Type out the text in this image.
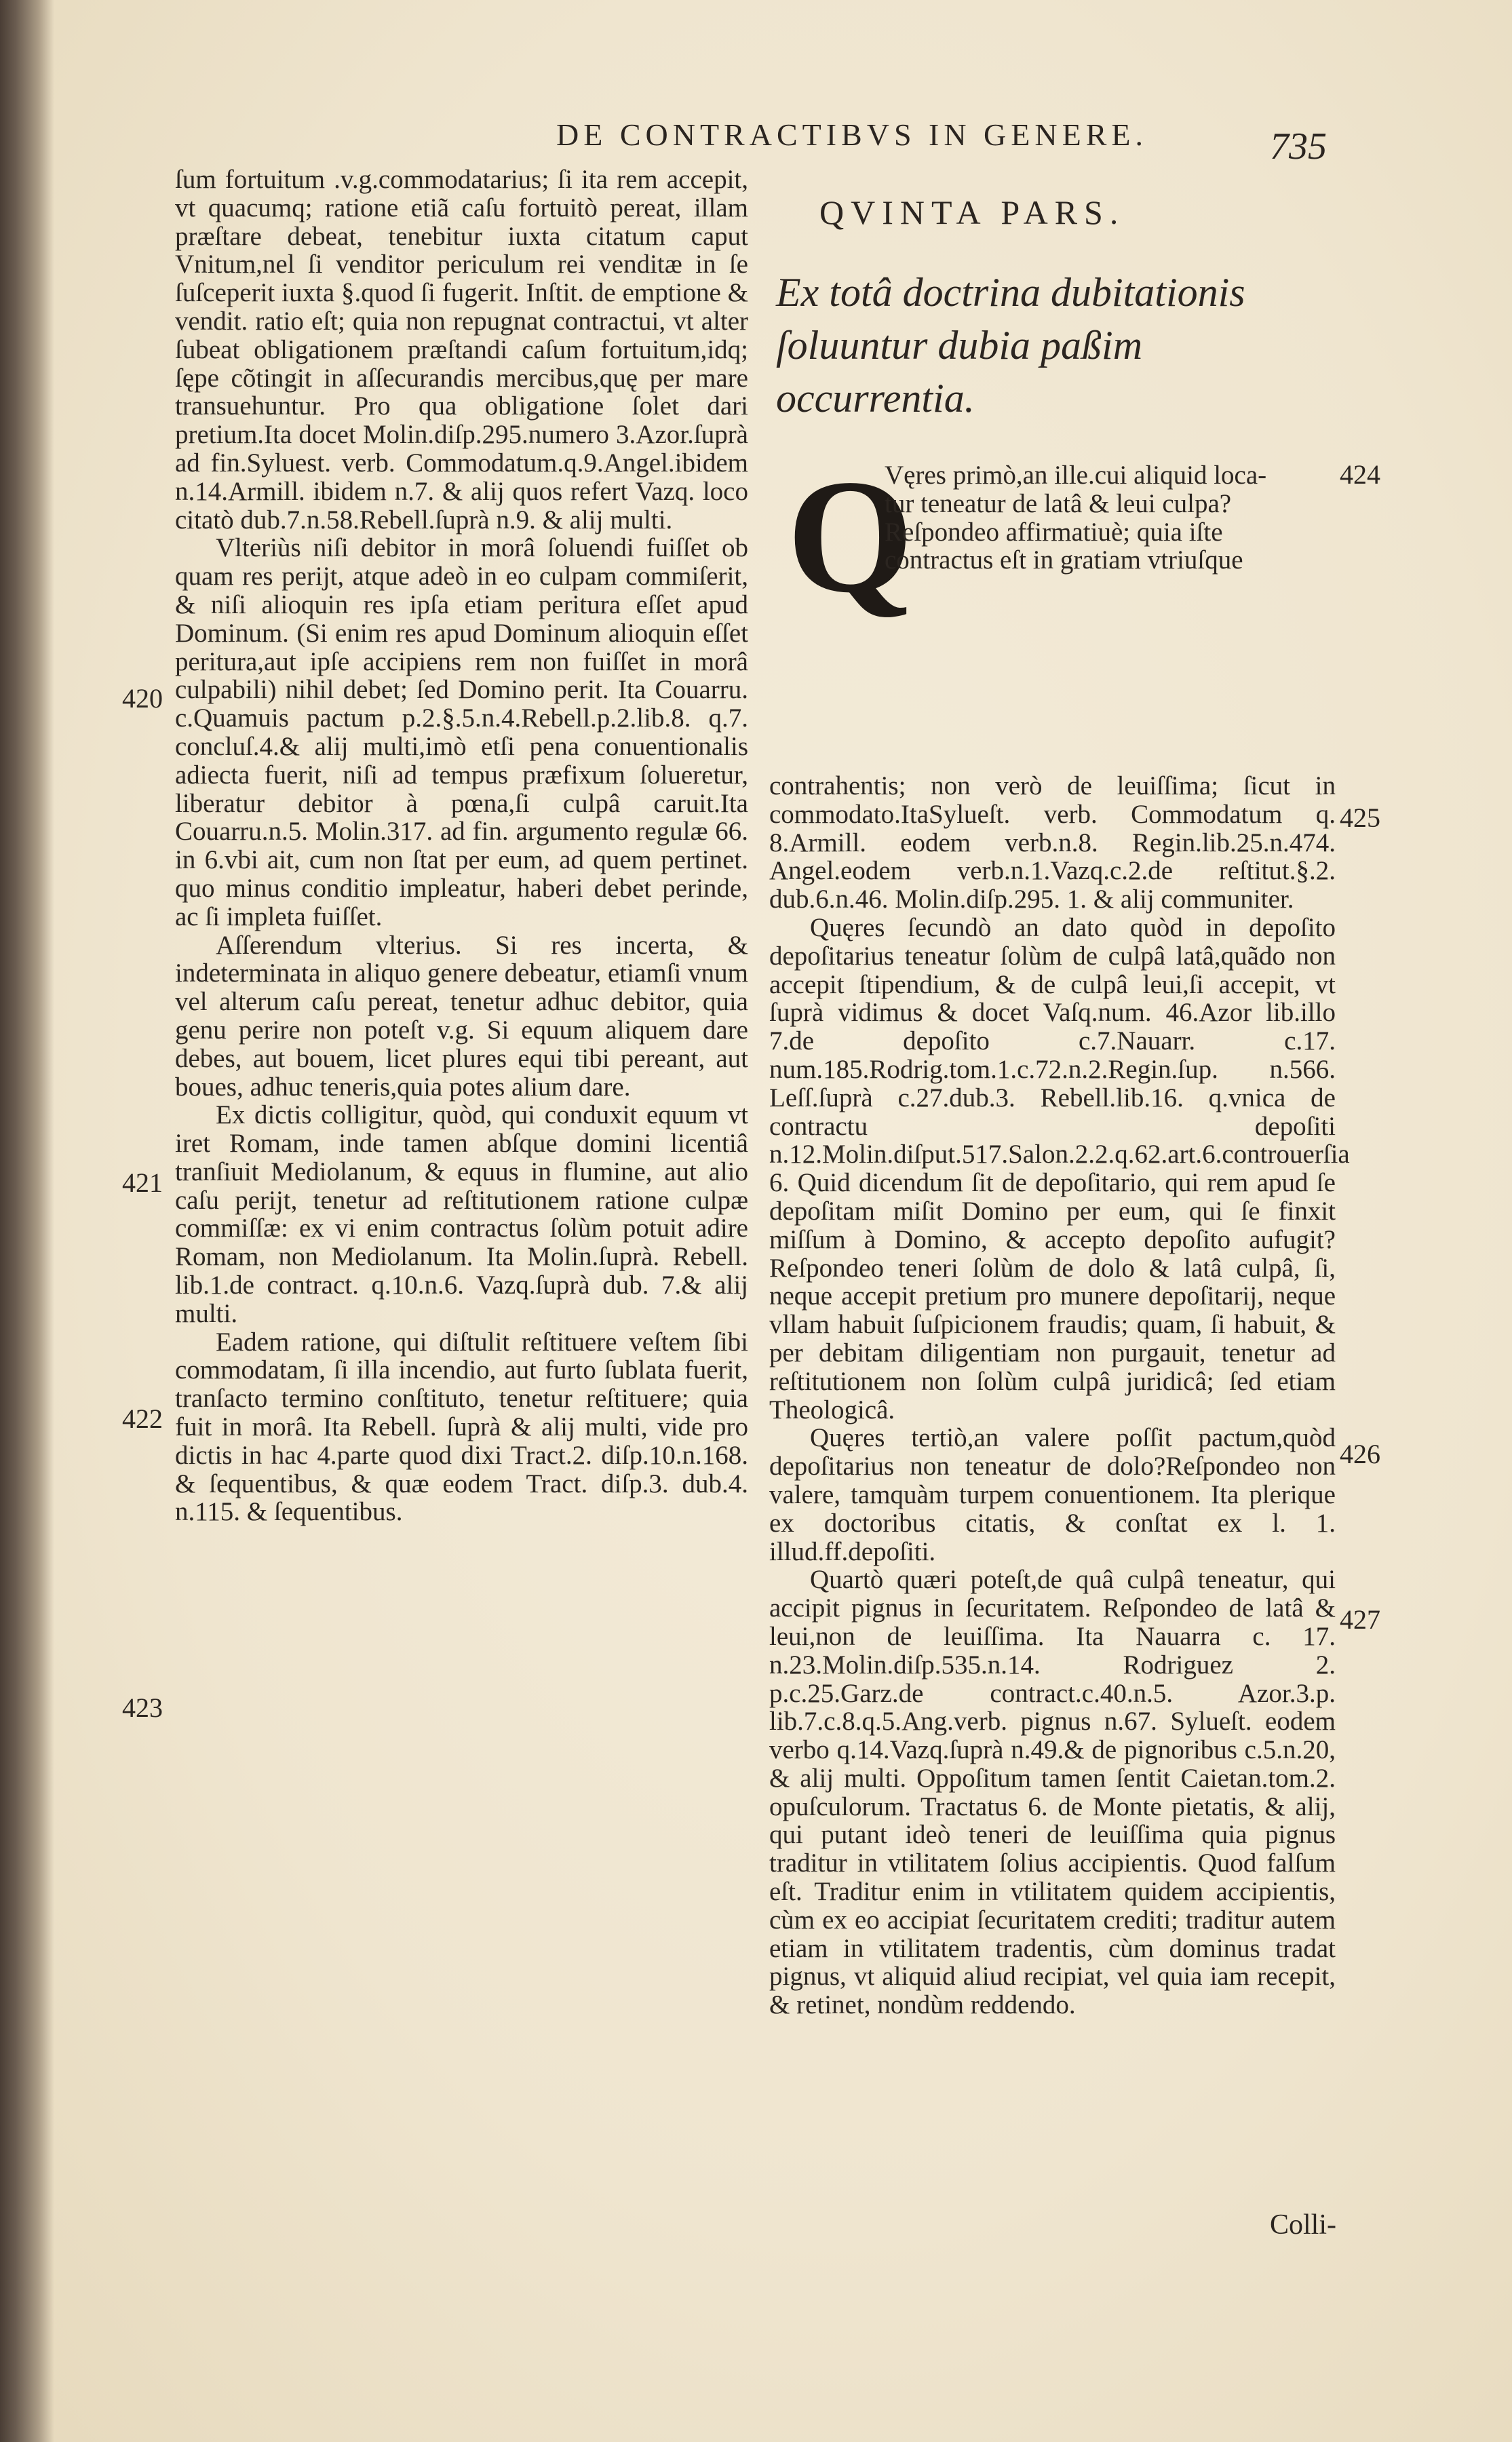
DE CONTRACTIBVS IN GENERE.	735

ſum fortuitum .v.g.commodatarius; ſi ita rem accepit, vt quacumq; ratione etiã caſu fortuitò pereat, illam præſtare debeat, tenebitur iuxta citatum caput Vnitum,nel ſi venditor periculum rei venditæ in ſe ſuſceperit iuxta §.quod ſi fugerit. Inſtit. de emptione & vendit. ratio eſt; quia non repugnat contractui, vt alter ſubeat obligationem præſtandi caſum fortuitum,idq; ſępe cõtingit in aſſecurandis mercibus,quę per mare transuehuntur. Pro qua obligatione ſolet dari pretium.Ita docet Molin.diſp.295.numero 3.Azor.ſuprà ad fin.Syluest. verb. Commodatum.q.9.Angel.ibidem n.14.Armill. ibidem n.7. & alij quos refert Vazq. loco citatò dub.7.n.58.Rebell.ſuprà n.9. & alij multi.

Vlteriùs niſi debitor in morâ ſoluendi fuiſſet ob quam res perijt, atque adeò in eo culpam commiſerit, & niſi alioquin res ipſa etiam peritura eſſet apud Dominum. (Si enim res apud Dominum alioquin eſſet peritura,aut ipſe accipiens rem non fuiſſet in morâ culpabili) nihil debet; ſed Domino perit. Ita Couarru. c.Quamuis pactum p.2.§.5.n.4.Rebell.p.2.lib.8. q.7. concluſ.4.& alij multi,imò etſi pena conuentionalis adiecta fuerit, niſi ad tempus præfixum ſolueretur, liberatur debitor à pœna,ſi culpâ caruit.Ita Couarru.n.5. Molin.317. ad fin. argumento regulæ 66. in 6.vbi ait, cum non ſtat per eum, ad quem pertinet. quo minus conditio impleatur, haberi debet perinde, ac ſi impleta fuiſſet.

Aſſerendum vlterius. Si res incerta, & indeterminata in aliquo genere debeatur, etiamſi vnum vel alterum caſu pereat, tenetur adhuc debitor, quia genu perire non poteſt v.g. Si equum aliquem dare debes, aut bouem, licet plures equi tibi pereant, aut boues, adhuc teneris,quia potes alium dare.

Ex dictis colligitur, quòd, qui conduxit equum vt iret Romam, inde tamen abſque domini licentiâ tranſiuit Mediolanum, & equus in flumine, aut alio caſu perijt, tenetur ad reſtitutionem ratione culpæ commiſſæ: ex vi enim contractus ſolùm potuit adire Romam, non Mediolanum. Ita Molin.ſuprà. Rebell. lib.1.de contract. q.10.n.6. Vazq.ſuprà dub. 7.& alij multi.

Eadem ratione, qui diſtulit reſtituere veſtem ſibi commodatam, ſi illa incendio, aut furto ſublata fuerit, tranſacto termino conſtituto, tenetur reſtituere; quia fuit in morâ. Ita Rebell. ſuprà & alij multi, vide pro dictis in hac 4.parte quod dixi Tract.2. diſp.10.n.168. & ſequentibus, & quæ eodem Tract. diſp.3. dub.4. n.115. & ſequentibus.

420
421
422
423
QVINTA PARS.
Ex totâ doctrina dubitationis ſoluuntur dubia paßim occurrentia.
Q
Vęres primò,an ille.cui aliquid loca-
tur teneatur de latâ & leui culpa?
Reſpondeo affirmatiuè; quia iſte
contractus eſt in gratiam vtriuſque

contrahentis; non verò de leuiſſima; ſicut in commodato.ItaSylueſt. verb. Commodatum q. 8.Armill. eodem verb.n.8. Regin.lib.25.n.474. Angel.eodem verb.n.1.Vazq.c.2.de reſtitut.§.2. dub.6.n.46. Molin.diſp.295. 1. & alij communiter.

Quęres ſecundò an dato quòd in depoſito depoſitarius teneatur ſolùm de culpâ latâ,quãdo non accepit ſtipendium, & de culpâ leui,ſi accepit, vt ſuprà vidimus & docet Vaſq.num. 46.Azor lib.illo 7.de depoſito c.7.Nauarr. c.17. num.185.Rodrig.tom.1.c.72.n.2.Regin.ſup. n.566. Leſſ.ſuprà c.27.dub.3. Rebell.lib.16. q.vnica de contractu depoſiti n.12.Molin.diſput.517.Salon.2.2.q.62.art.6.controuerſia 6. Quid dicendum ſit de depoſitario, qui rem apud ſe depoſitam miſit Domino per eum, qui ſe finxit miſſum à Domino, & accepto depoſito aufugit?Reſpondeo teneri ſolùm de dolo & latâ culpâ, ſi, neque accepit pretium pro munere depoſitarij, neque vllam habuit ſuſpicionem fraudis; quam, ſi habuit, & per debitam diligentiam non purgauit, tenetur ad reſtitutionem non ſolùm culpâ juridicâ; ſed etiam Theologicâ.

Quęres tertiò,an valere poſſit pactum,quòd depoſitarius non teneatur de dolo?Reſpondeo non valere, tamquàm turpem conuentionem. Ita plerique ex doctoribus citatis, & conſtat ex l. 1. illud.ff.depoſiti.

Quartò quæri poteſt,de quâ culpâ teneatur, qui accipit pignus in ſecuritatem. Reſpondeo de latâ & leui,non de leuiſſima. Ita Nauarra c. 17. n.23.Molin.diſp.535.n.14. Rodriguez 2. p.c.25.Garz.de contract.c.40.n.5. Azor.3.p. lib.7.c.8.q.5.Ang.verb. pignus n.67. Sylueſt. eodem verbo q.14.Vazq.ſuprà n.49.& de pignoribus c.5.n.20, & alij multi. Oppoſitum tamen ſentit Caietan.tom.2. opuſculorum. Tractatus 6. de Monte pietatis, & alij, qui putant ideò teneri de leuiſſima quia pignus traditur in vtilitatem ſolius accipientis. Quod falſum eſt. Traditur enim in vtilitatem quidem accipientis, cùm ex eo accipiat ſecuritatem crediti; traditur autem etiam in vtilitatem tradentis, cùm dominus tradat pignus, vt aliquid aliud recipiat, vel quia iam recepit, & retinet, nondùm reddendo.

424
425
426
427
Colli-
